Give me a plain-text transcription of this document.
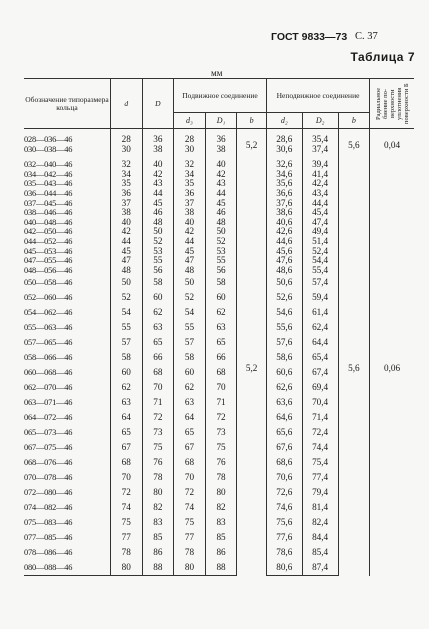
ГОСТ 9833—73 С. 37
Таблица 7
мм
Обозначение типоразмера кольца	d	D	Подвижное соединение			Неподвижное соединение			Радиальное биение по-верхности уплотнения поверхности Б

			d₃	D₁	b	d₂	D₂	b	

028—036—46	28	36	28	36	5,2	28,6	35,4	5,6	0,04
030—038—46	30	38	30	38		30,6	37,4		

032—040—46	32	40	32	40	5,2	32,6	39,4	5,6	0,06
034—042—46	34	42	34	42		34,6	41,4		
035—043—46	35	43	35	43		35,6	42,4		
036—044—46	36	44	36	44		36,6	43,4		
037—045—46	37	45	37	45		37,6	44,4		
038—046—46	38	46	38	46		38,6	45,4		
040—048—46	40	48	40	48		40,6	47,4		
042—050—46	42	50	42	50		42,6	49,4		
044—052—46	44	52	44	52		44,6	51,4		
045—053—46	45	53	45	53		45,6	52,4		
047—055—46	47	55	47	55		47,6	54,4		
048—056—46	48	56	48	56		48,6	55,4		
050—058—46	50	58	50	58		50,6	57,4		
052—060—46	52	60	52	60		52,6	59,4		
054—062—46	54	62	54	62		54,6	61,4		
055—063—46	55	63	55	63		55,6	62,4		
057—065—46	57	65	57	65		57,6	64,4		
058—066—46	58	66	58	66		58,6	65,4		
060—068—46	60	68	60	68		60,6	67,4		
062—070—46	62	70	62	70		62,6	69,4		
063—071—46	63	71	63	71		63,6	70,4		
064—072—46	64	72	64	72		64,6	71,4		
065—073—46	65	73	65	73		65,6	72,4		
067—075—46	67	75	67	75		67,6	74,4		
068—076—46	68	76	68	76		68,6	75,4		
070—078—46	70	78	70	78		70,6	77,4		
072—080—46	72	80	72	80		72,6	79,4		
074—082—46	74	82	74	82		74,6	81,4		
075—083—46	75	83	75	83		75,6	82,4		
077—085—46	77	85	77	85		77,6	84,4		
078—086—46	78	86	78	86		78,6	85,4		
080—088—46	80	88	80	88		80,6	87,4		
